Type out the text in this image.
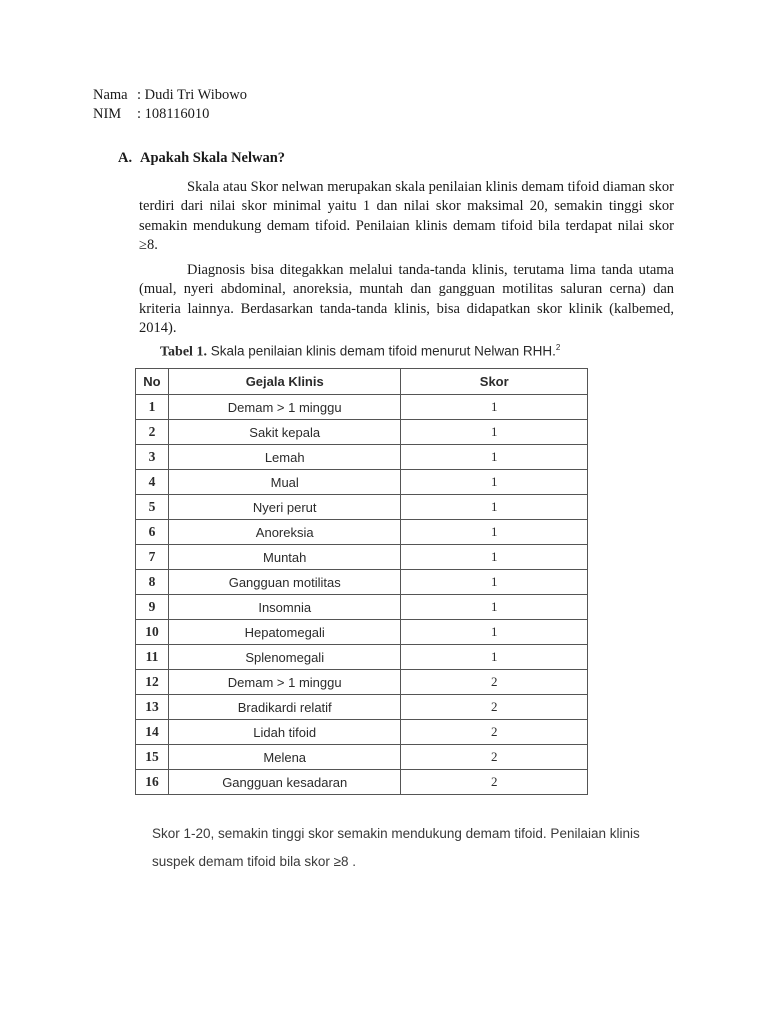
Nama : Dudi Tri Wibowo
NIM	: 108116010
A. Apakah Skala Nelwan?

Skala atau Skor nelwan merupakan skala penilaian klinis demam tifoid diaman skor terdiri dari nilai skor minimal yaitu 1 dan nilai skor maksimal 20, semakin tinggi skor semakin mendukung demam tifoid. Penilaian klinis demam tifoid bila terdapat nilai skor ≥8.

Diagnosis bisa ditegakkan melalui tanda-tanda klinis, terutama lima tanda utama (mual, nyeri abdominal, anoreksia, muntah dan gangguan motilitas saluran cerna) dan kriteria lainnya. Berdasarkan tanda-tanda klinis, bisa didapatkan skor klinik (kalbemed, 2014).

Tabel 1. Skala penilaian klinis demam tifoid menurut Nelwan RHH.$^2$
No	Gejala Klinis	Skor
1	Demam > 1 minggu	1
2	Sakit kepala	1
3	Lemah	1
4	Mual	1
5	Nyeri perut	1
6	Anoreksia	1
7	Muntah	1
8	Gangguan motilitas	1
9	Insomnia	1
10	Hepatomegali	1
11	Splenomegali	1
12	Demam > 1 minggu	2
13	Bradikardi relatif	2
14	Lidah tifoid	2
15	Melena	2
16	Gangguan kesadaran	2
Skor 1-20, semakin tinggi skor semakin mendukung demam tifoid. Penilaian klinis
suspek demam tifoid bila skor ≥8 .
